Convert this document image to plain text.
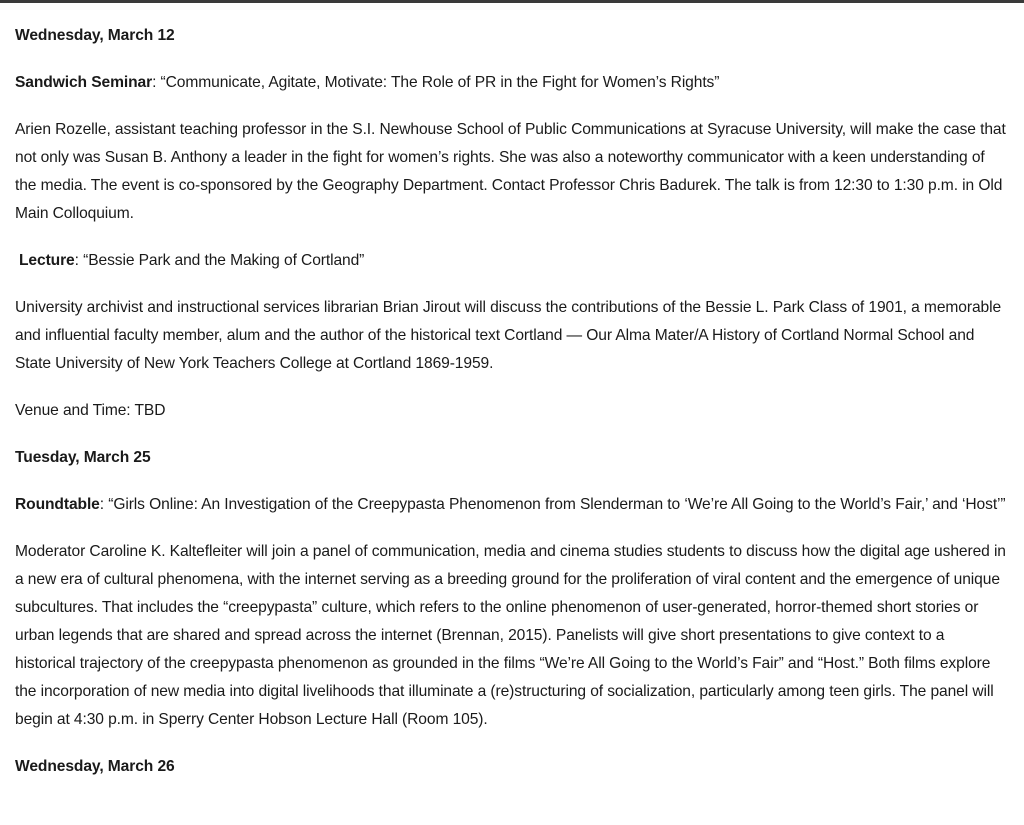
Wednesday, March 12
Sandwich Seminar: “Communicate, Agitate, Motivate: The Role of PR in the Fight for Women’s Rights”
Arien Rozelle, assistant teaching professor in the S.I. Newhouse School of Public Communications at Syracuse University, will make the case that not only was Susan B. Anthony a leader in the fight for women’s rights. She was also a noteworthy communicator with a keen understanding of the media. The event is co-sponsored by the Geography Department. Contact Professor Chris Badurek. The talk is from 12:30 to 1:30 p.m. in Old Main Colloquium.
Lecture: “Bessie Park and the Making of Cortland”
University archivist and instructional services librarian Brian Jirout will discuss the contributions of the Bessie L. Park Class of 1901, a memorable and influential faculty member, alum and the author of the historical text Cortland — Our Alma Mater/A History of Cortland Normal School and State University of New York Teachers College at Cortland 1869-1959.
Venue and Time: TBD
Tuesday, March 25
Roundtable: “Girls Online: An Investigation of the Creepypasta Phenomenon from Slenderman to ‘We’re All Going to the World’s Fair,’ and ‘Host’”
Moderator Caroline K. Kaltefleiter will join a panel of communication, media and cinema studies students to discuss how the digital age ushered in a new era of cultural phenomena, with the internet serving as a breeding ground for the proliferation of viral content and the emergence of unique subcultures. That includes the “creepypasta” culture, which refers to the online phenomenon of user-generated, horror-themed short stories or urban legends that are shared and spread across the internet (Brennan, 2015). Panelists will give short presentations to give context to a historical trajectory of the creepypasta phenomenon as grounded in the films “We’re All Going to the World’s Fair” and “Host.” Both films explore the incorporation of new media into digital livelihoods that illuminate a (re)structuring of socialization, particularly among teen girls. The panel will begin at 4:30 p.m. in Sperry Center Hobson Lecture Hall (Room 105).
Wednesday, March 26
